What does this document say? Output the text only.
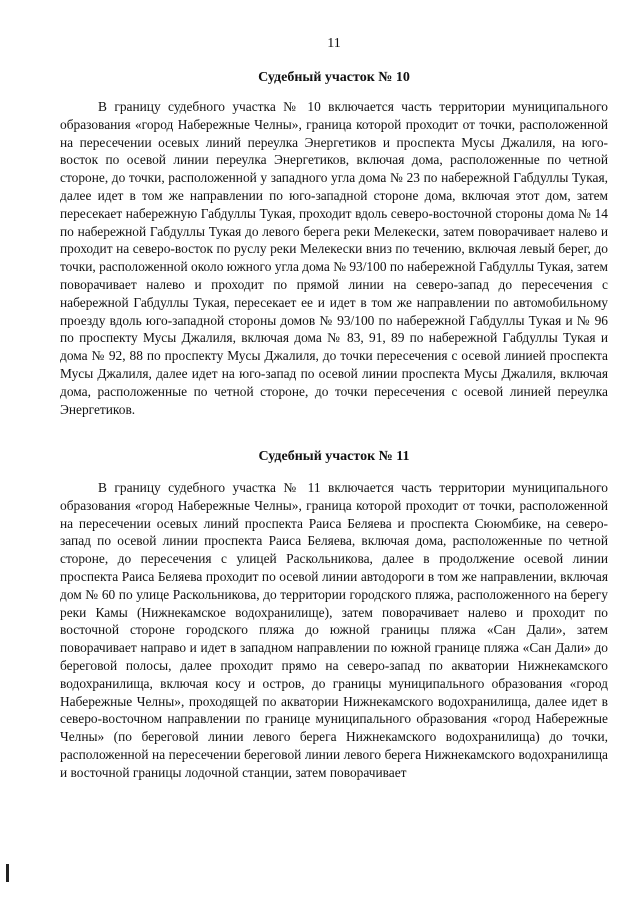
11
Судебный участок № 10
В границу судебного участка № 10 включается часть территории муниципального образования «город Набережные Челны», граница которой проходит от точки, расположенной на пересечении осевых линий переулка Энергетиков и проспекта Мусы Джалиля, на юго-восток по осевой линии переулка Энергетиков, включая дома, расположенные по четной стороне, до точки, расположенной у западного угла дома № 23 по набережной Габдуллы Тукая, далее идет в том же направлении по юго-западной стороне дома, включая этот дом, затем пересекает набережную Габдуллы Тукая, проходит вдоль северо-восточной стороны дома № 14 по набережной Габдуллы Тукая до левого берега реки Мелекески, затем поворачивает налево и проходит на северо-восток по руслу реки Мелекески вниз по течению, включая левый берег, до точки, расположенной около южного угла дома № 93/100 по набережной Габдуллы Тукая, затем поворачивает налево и проходит по прямой линии на северо-запад до пересечения с набережной Габдуллы Тукая, пересекает ее и идет в том же направлении по автомобильному проезду вдоль юго-западной стороны домов № 93/100 по набережной Габдуллы Тукая и № 96 по проспекту Мусы Джалиля, включая дома № 83, 91, 89 по набережной Габдуллы Тукая и дома № 92, 88 по проспекту Мусы Джалиля, до точки пересечения с осевой линией проспекта Мусы Джалиля, далее идет на юго-запад по осевой линии проспекта Мусы Джалиля, включая дома, расположенные по четной стороне, до точки пересечения с осевой линией переулка Энергетиков.
Судебный участок № 11
В границу судебного участка № 11 включается часть территории муниципального образования «город Набережные Челны», граница которой проходит от точки, расположенной на пересечении осевых линий проспекта Раиса Беляева и проспекта Сююмбике, на северо-запад по осевой линии проспекта Раиса Беляева, включая дома, расположенные по четной стороне, до пересечения с улицей Раскольникова, далее в продолжение осевой линии проспекта Раиса Беляева проходит по осевой линии автодороги в том же направлении, включая дом № 60 по улице Раскольникова, до территории городского пляжа, расположенного на берегу реки Камы (Нижнекамское водохранилище), затем поворачивает налево и проходит по восточной стороне городского пляжа до южной границы пляжа «Сан Дали», затем поворачивает направо и идет в западном направлении по южной границе пляжа «Сан Дали» до береговой полосы, далее проходит прямо на северо-запад по акватории Нижнекамского водохранилища, включая косу и остров, до границы муниципального образования «город Набережные Челны», проходящей по акватории Нижнекамского водохранилища, далее идет в северо-восточном направлении по границе муниципального образования «город Набережные Челны» (по береговой линии левого берега Нижнекамского водохранилища) до точки, расположенной на пересечении береговой линии левого берега Нижнекамского водохранилища и восточной границы лодочной станции, затем поворачивает
